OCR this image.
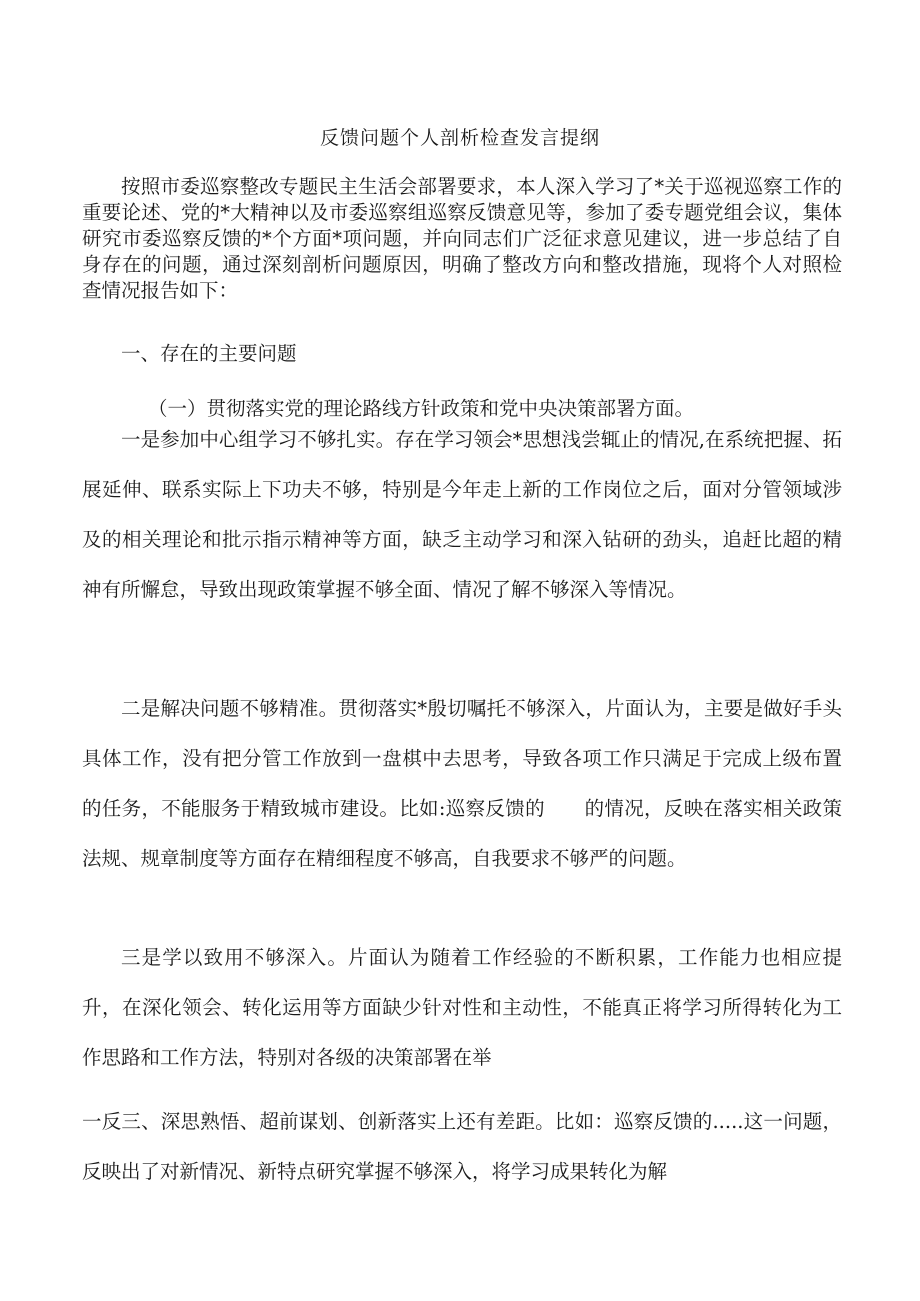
反馈问题个人剖析检查发言提纲
按照市委巡察整改专题民主生活会部署要求，本人深入学习了*关于巡视巡察工作的重要论述、党的*大精神以及市委巡察组巡察反馈意见等，参加了委专题党组会议，集体研究市委巡察反馈的*个方面*项问题，并向同志们广泛征求意见建议，进一步总结了自身存在的问题，通过深刻剖析问题原因，明确了整改方向和整改措施，现将个人对照检查情况报告如下：
一、存在的主要问题
（一）贯彻落实党的理论路线方针政策和党中央决策部署方面。
一是参加中心组学习不够扎实。存在学习领会*思想浅尝辄止的情况,在系统把握、拓展延伸、联系实际上下功夫不够，特别是今年走上新的工作岗位之后，面对分管领域涉及的相关理论和批示指示精神等方面，缺乏主动学习和深入钻研的劲头，追赶比超的精神有所懈怠，导致出现政策掌握不够全面、情况了解不够深入等情况。
二是解决问题不够精准。贯彻落实*殷切嘱托不够深入，片面认为，主要是做好手头具体工作，没有把分管工作放到一盘棋中去思考，导致各项工作只满足于完成上级布置的任务，不能服务于精致城市建设。比如:巡察反馈的　　的情况，反映在落实相关政策法规、规章制度等方面存在精细程度不够高，自我要求不够严的问题。
三是学以致用不够深入。片面认为随着工作经验的不断积累，工作能力也相应提升，在深化领会、转化运用等方面缺少针对性和主动性，不能真正将学习所得转化为工作思路和工作方法，特别对各级的决策部署在举
一反三、深思熟悟、超前谋划、创新落实上还有差距。比如：巡察反馈的.....这一问题，反映出了对新情况、新特点研究掌握不够深入，将学习成果转化为解
